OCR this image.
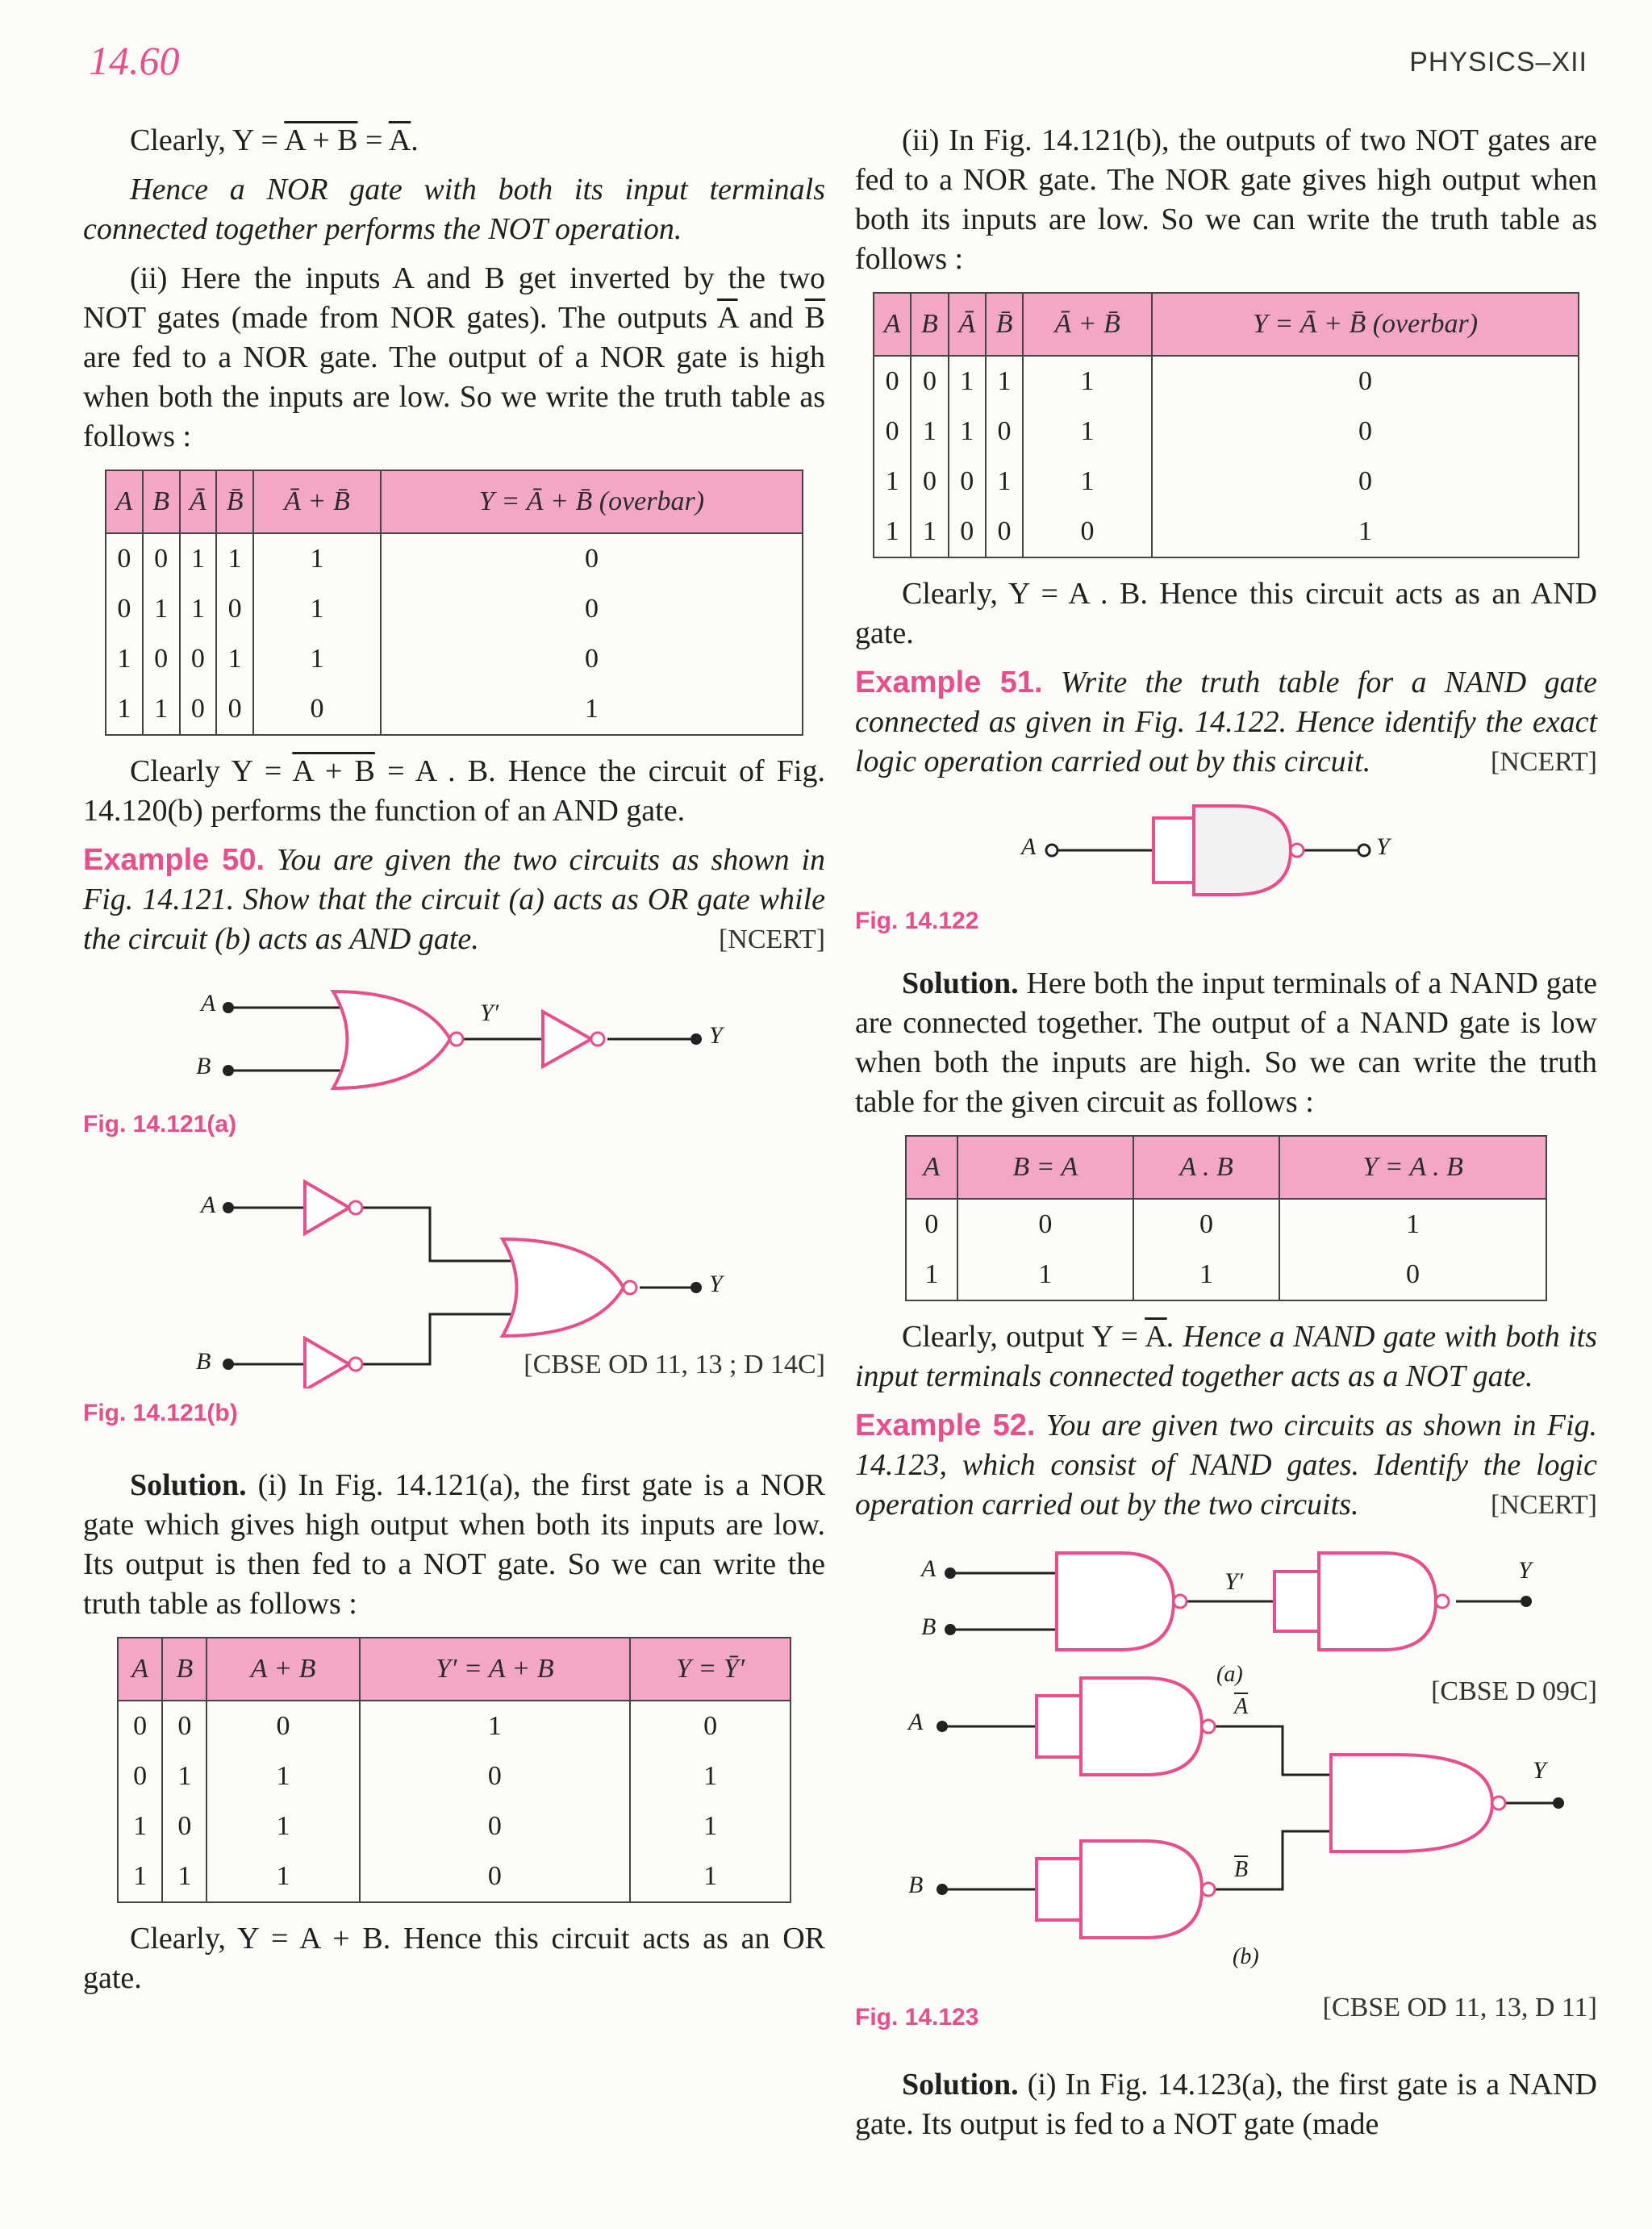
14.60	PHYSICS–XII

Clearly, $Y = A + B = \overline{A}$.

Hence a NOR gate with both its input terminals connected together performs the NOT operation.

(ii) Here the inputs A and B get inverted by the two NOT gates (made from NOR gates). The outputs $\overline{A}$ and $\overline{B}$ are fed to a NOR gate. The output of a NOR gate is high when both the inputs are low. So we write the truth table as follows :

A	B	Ā	B̄	Ā + B̄	Y = Ā + B̄ (overbar)
0	0	1	1	1	0
0	1	1	0	1	0
1	0	0	1	1	0
1	1	0	0	0	1

Clearly Y = A + B = A . B. Hence the circuit of Fig. 14.120(b) performs the function of an AND gate.

Example 50. You are given the two circuits as shown in Fig. 14.121. Show that the circuit (a) acts as OR gate while the circuit (b) acts as AND gate.	[NCERT]

A
B
Y′
Y
Fig. 14.121(a)
A
B
Y
[CBSE OD 11, 13 ; D 14C]
Fig. 14.121(b)

Solution. (i) In Fig. 14.121(a), the first gate is a NOR gate which gives high output when both its inputs are low. Its output is then fed to a NOT gate. So we can write the truth table as follows :

A	B	A + B	Y′ = A + B	Y = Ȳ′
0	0	0	1	0
0	1	1	0	1
1	0	1	0	1
1	1	1	0	1

Clearly, Y = A + B. Hence this circuit acts as an OR gate.

(ii) In Fig. 14.121(b), the outputs of two NOT gates are fed to a NOR gate. The NOR gate gives high output when both its inputs are low. So we can write the truth table as follows :

A	B	Ā	B̄	Ā + B̄	Y = Ā + B̄ (overbar)
0	0	1	1	1	0
0	1	1	0	1	0
1	0	0	1	1	0
1	1	0	0	0	1

Clearly, Y = A . B. Hence this circuit acts as an AND gate.

Example 51. Write the truth table for a NAND gate connected as given in Fig. 14.122. Hence identify the exact logic operation carried out by this circuit.	[NCERT]

A	Y
Fig. 14.122

Solution. Here both the input terminals of a NAND gate are connected together. The output of a NAND gate is low when both the inputs are high. So we can write the truth table for the given circuit as follows :

A	B = A	A . B	Y = A . B
0	0	0	1
1	1	1	0

Clearly, output $Y = \overline{A}$. Hence a NAND gate with both its input terminals connected together acts as a NOT gate.

Example 52. You are given two circuits as shown in Fig. 14.123, which consist of NAND gates. Identify the logic operation carried out by the two circuits.	[NCERT]

A
B
Y′	Y
(a)
[CBSE D 09C]
A
$\overline{A}$
Y
$\overline{B}$
B
(b)
Fig. 14.123	[CBSE OD 11, 13, D 11]

Solution. (i) In Fig. 14.123(a), the first gate is a NAND gate. Its output is fed to a NOT gate (made
